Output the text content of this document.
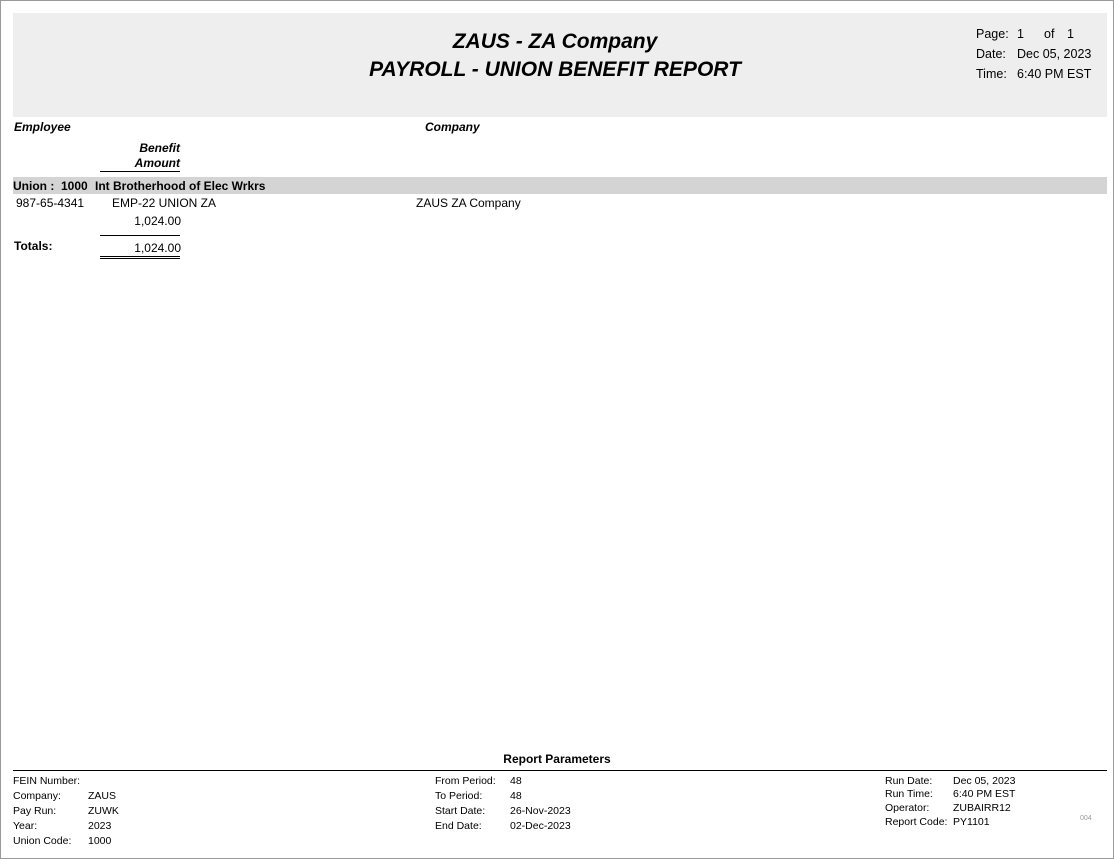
ZAUS - ZA Company
PAYROLL - UNION BENEFIT REPORT
Page: 1 of 1
Date: Dec 05, 2023
Time: 6:40 PM EST
Employee	Company
Benefit
Amount
Union : 1000 Int Brotherhood of Elec Wrkrs
987-65-4341 EMP-22 UNION ZA	ZAUS ZA Company
1,024.00
Totals:	1,024.00
Report Parameters
FEIN Number:
Company:	ZAUS
Pay Run:	ZUWK
Year:	2023
Union Code: 1000
From Period: 48
To Period:	48
Start Date: 26-Nov-2023
End Date:	02-Dec-2023
Run Date: Dec 05, 2023
Run Time: 6:40 PM EST
Operator: ZUBAIRR12
Report Code: PY1101	004
